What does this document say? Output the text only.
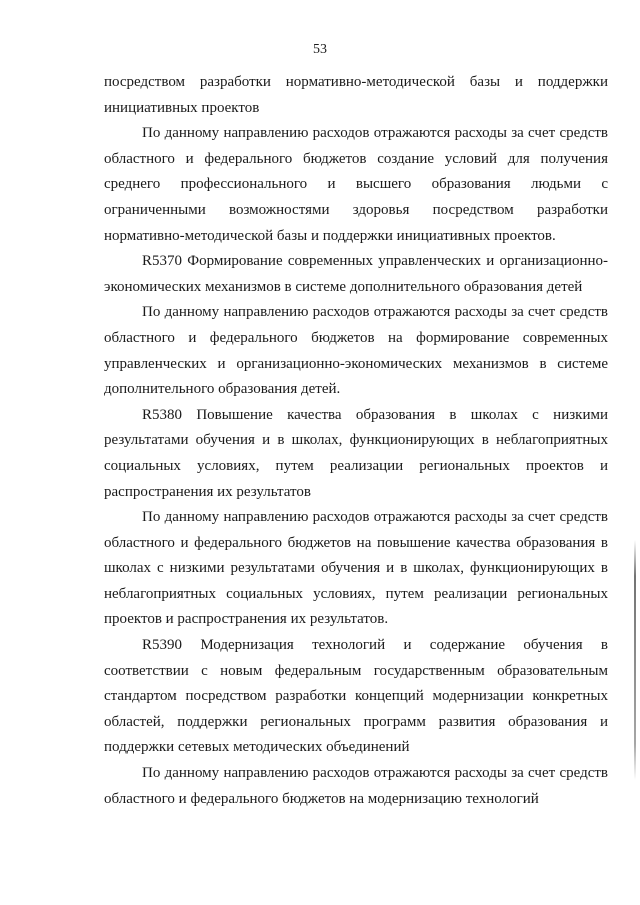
53

посредством разработки нормативно-методической базы и поддержки инициативных проектов

По данному направлению расходов отражаются расходы за счет средств областного и федерального бюджетов создание условий для получения среднего профессионального и высшего образования людьми с ограниченными возможностями здоровья посредством разработки нормативно-методической базы и поддержки инициативных проектов.

R5370 Формирование современных управленческих и организационно-экономических механизмов в системе дополнительного образования детей

По данному направлению расходов отражаются расходы за счет средств областного и федерального бюджетов на формирование современных управленческих и организационно-экономических механизмов в системе дополнительного образования детей.

R5380 Повышение качества образования в школах с низкими результатами обучения и в школах, функционирующих в неблагоприятных социальных условиях, путем реализации региональных проектов и распространения их результатов

По данному направлению расходов отражаются расходы за счет средств областного и федерального бюджетов на повышение качества образования в школах с низкими результатами обучения и в школах, функционирующих в неблагоприятных социальных условиях, путем реализации региональных проектов и распространения их результатов.

R5390 Модернизация технологий и содержание обучения в соответствии с новым федеральным государственным образовательным стандартом посредством разработки концепций модернизации конкретных областей, поддержки региональных программ развития образования и поддержки сетевых методических объединений

По данному направлению расходов отражаются расходы за счет средств областного и федерального бюджетов на модернизацию технологий
